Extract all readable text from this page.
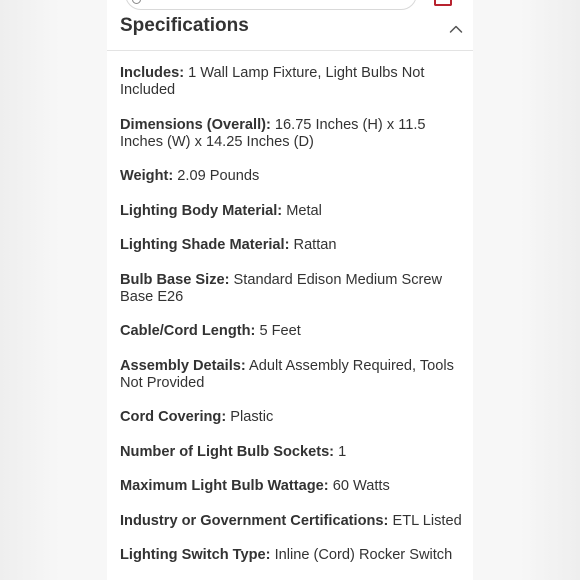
Specifications
Includes: 1 Wall Lamp Fixture, Light Bulbs Not Included
Dimensions (Overall): 16.75 Inches (H) x 11.5 Inches (W) x 14.25 Inches (D)
Weight: 2.09 Pounds
Lighting Body Material: Metal
Lighting Shade Material: Rattan
Bulb Base Size: Standard Edison Medium Screw Base E26
Cable/Cord Length: 5 Feet
Assembly Details: Adult Assembly Required, Tools Not Provided
Cord Covering: Plastic
Number of Light Bulb Sockets: 1
Maximum Light Bulb Wattage: 60 Watts
Industry or Government Certifications: ETL Listed
Lighting Switch Type: Inline (Cord) Rocker Switch
